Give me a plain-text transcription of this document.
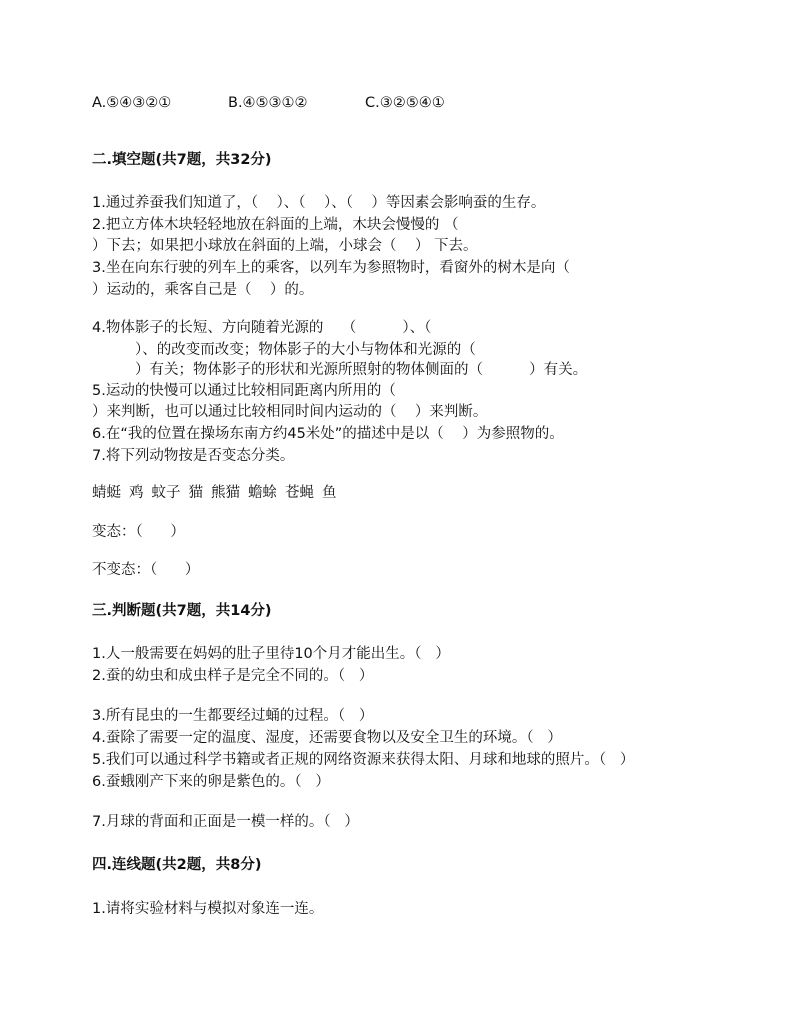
A.⑤④③②①	B.④⑤③①②	C.③②⑤④①
二.填空题(共7题，共32分)
1.通过养蚕我们知道了，（    ）、（    ）、（    ）等因素会影响蚕的生存。
2.把立方体木块轻轻地放在斜面的上端，木块会慢慢的 （
）下去；如果把小球放在斜面的上端，小球会（    ） 下去。
3.坐在向东行驶的列车上的乘客，以列车为参照物时，看窗外的树木是向（
）运动的，乘客自己是（    ）的。
4.物体影子的长短、方向随着光源的    （          ）、（
）、的改变而改变；物体影子的大小与物体和光源的（
）有关；物体影子的形状和光源所照射的物体侧面的（          ）有关。
5.运动的快慢可以通过比较相同距离内所用的（
）来判断，也可以通过比较相同时间内运动的（    ）来判断。
6.在“我的位置在操场东南方约45米处”的描述中是以（    ）为参照物的。
7.将下列动物按是否变态分类。
蜻蜓 鸡 蚊子 猫 熊猫 蟾蜍 苍蝇 鱼
变态：（      ）
不变态：（      ）
三.判断题(共7题，共14分)
1.人一般需要在妈妈的肚子里待10个月才能出生。（   ）
2.蚕的幼虫和成虫样子是完全不同的。（   ）
3.所有昆虫的一生都要经过蛹的过程。（   ）
4.蚕除了需要一定的温度、湿度，还需要食物以及安全卫生的环境。（   ）
5.我们可以通过科学书籍或者正规的网络资源来获得太阳、月球和地球的照片。（   ）
6.蚕蛾刚产下来的卵是紫色的。（   ）
7.月球的背面和正面是一模一样的。（   ）
四.连线题(共2题，共8分)
1.请将实验材料与模拟对象连一连。
